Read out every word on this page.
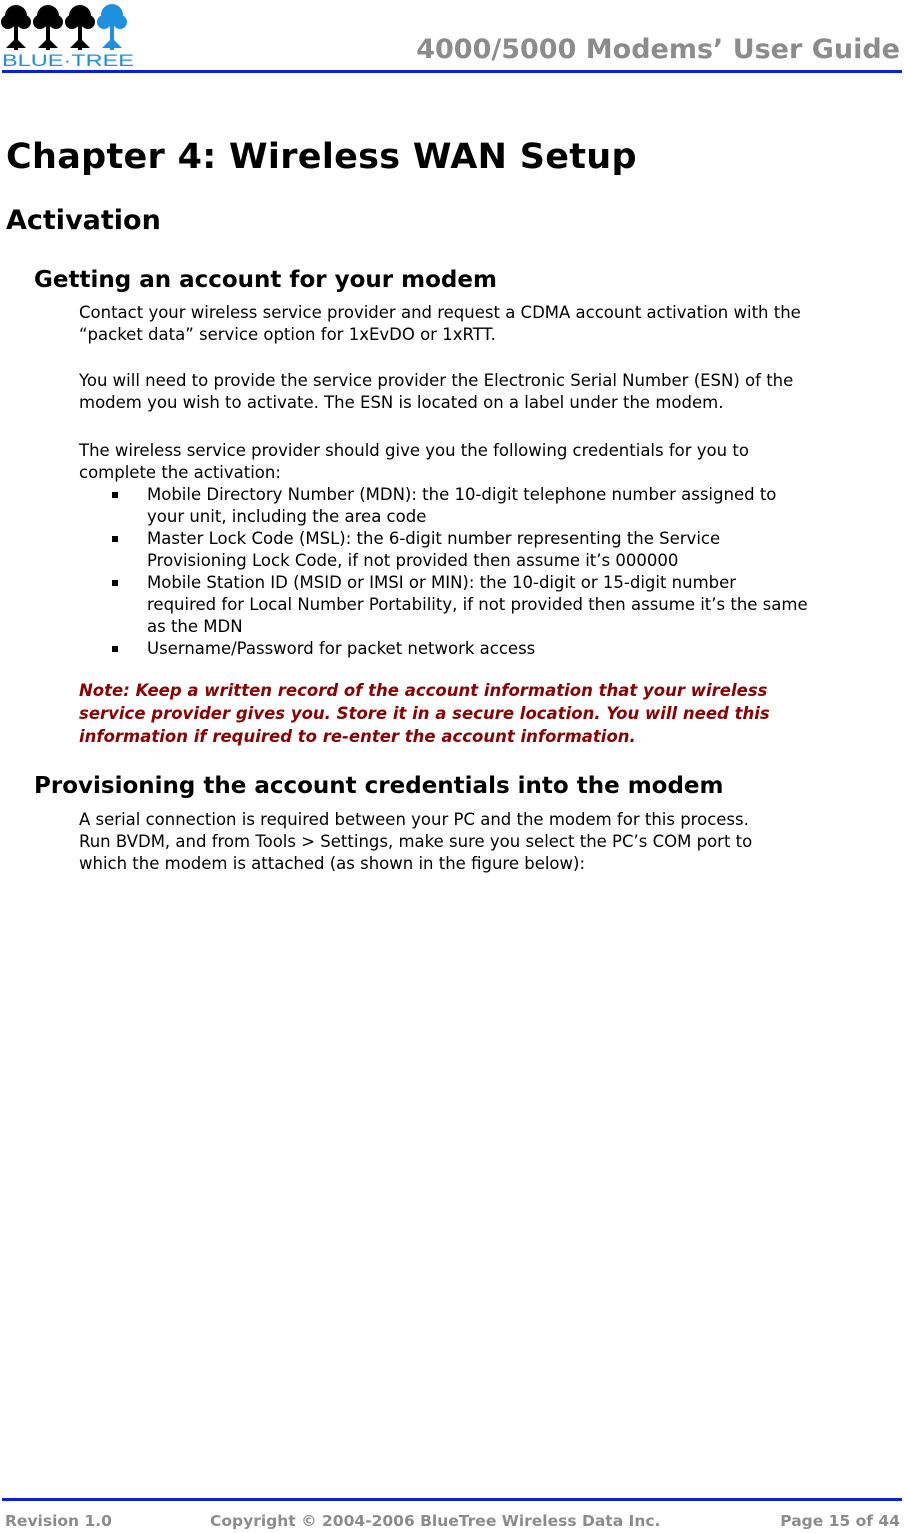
BLUE·TREE	4000/5000 Modems’ User Guide
Chapter 4: Wireless WAN Setup
Activation
Getting an account for your modem

Contact your wireless service provider and request a CDMA account activation with the
“packet data” service option for 1xEvDO or 1xRTT.

You will need to provide the service provider the Electronic Serial Number (ESN) of the
modem you wish to activate. The ESN is located on a label under the modem.

The wireless service provider should give you the following credentials for you to
complete the activation:

Mobile Directory Number (MDN): the 10-digit telephone number assigned to
your unit, including the area code
Master Lock Code (MSL): the 6-digit number representing the Service
Provisioning Lock Code, if not provided then assume it’s 000000
Mobile Station ID (MSID or IMSI or MIN): the 10-digit or 15-digit number
required for Local Number Portability, if not provided then assume it’s the same
as the MDN
Username/Password for packet network access

Note: Keep a written record of the account information that your wireless
service provider gives you. Store it in a secure location. You will need this
information if required to re-enter the account information.

Provisioning the account credentials into the modem

A serial connection is required between your PC and the modem for this process.
Run BVDM, and from Tools > Settings, make sure you select the PC’s COM port to
which the modem is attached (as shown in the figure below):

Revision 1.0	Copyright © 2004-2006 BlueTree Wireless Data Inc.	Page 15 of 44
